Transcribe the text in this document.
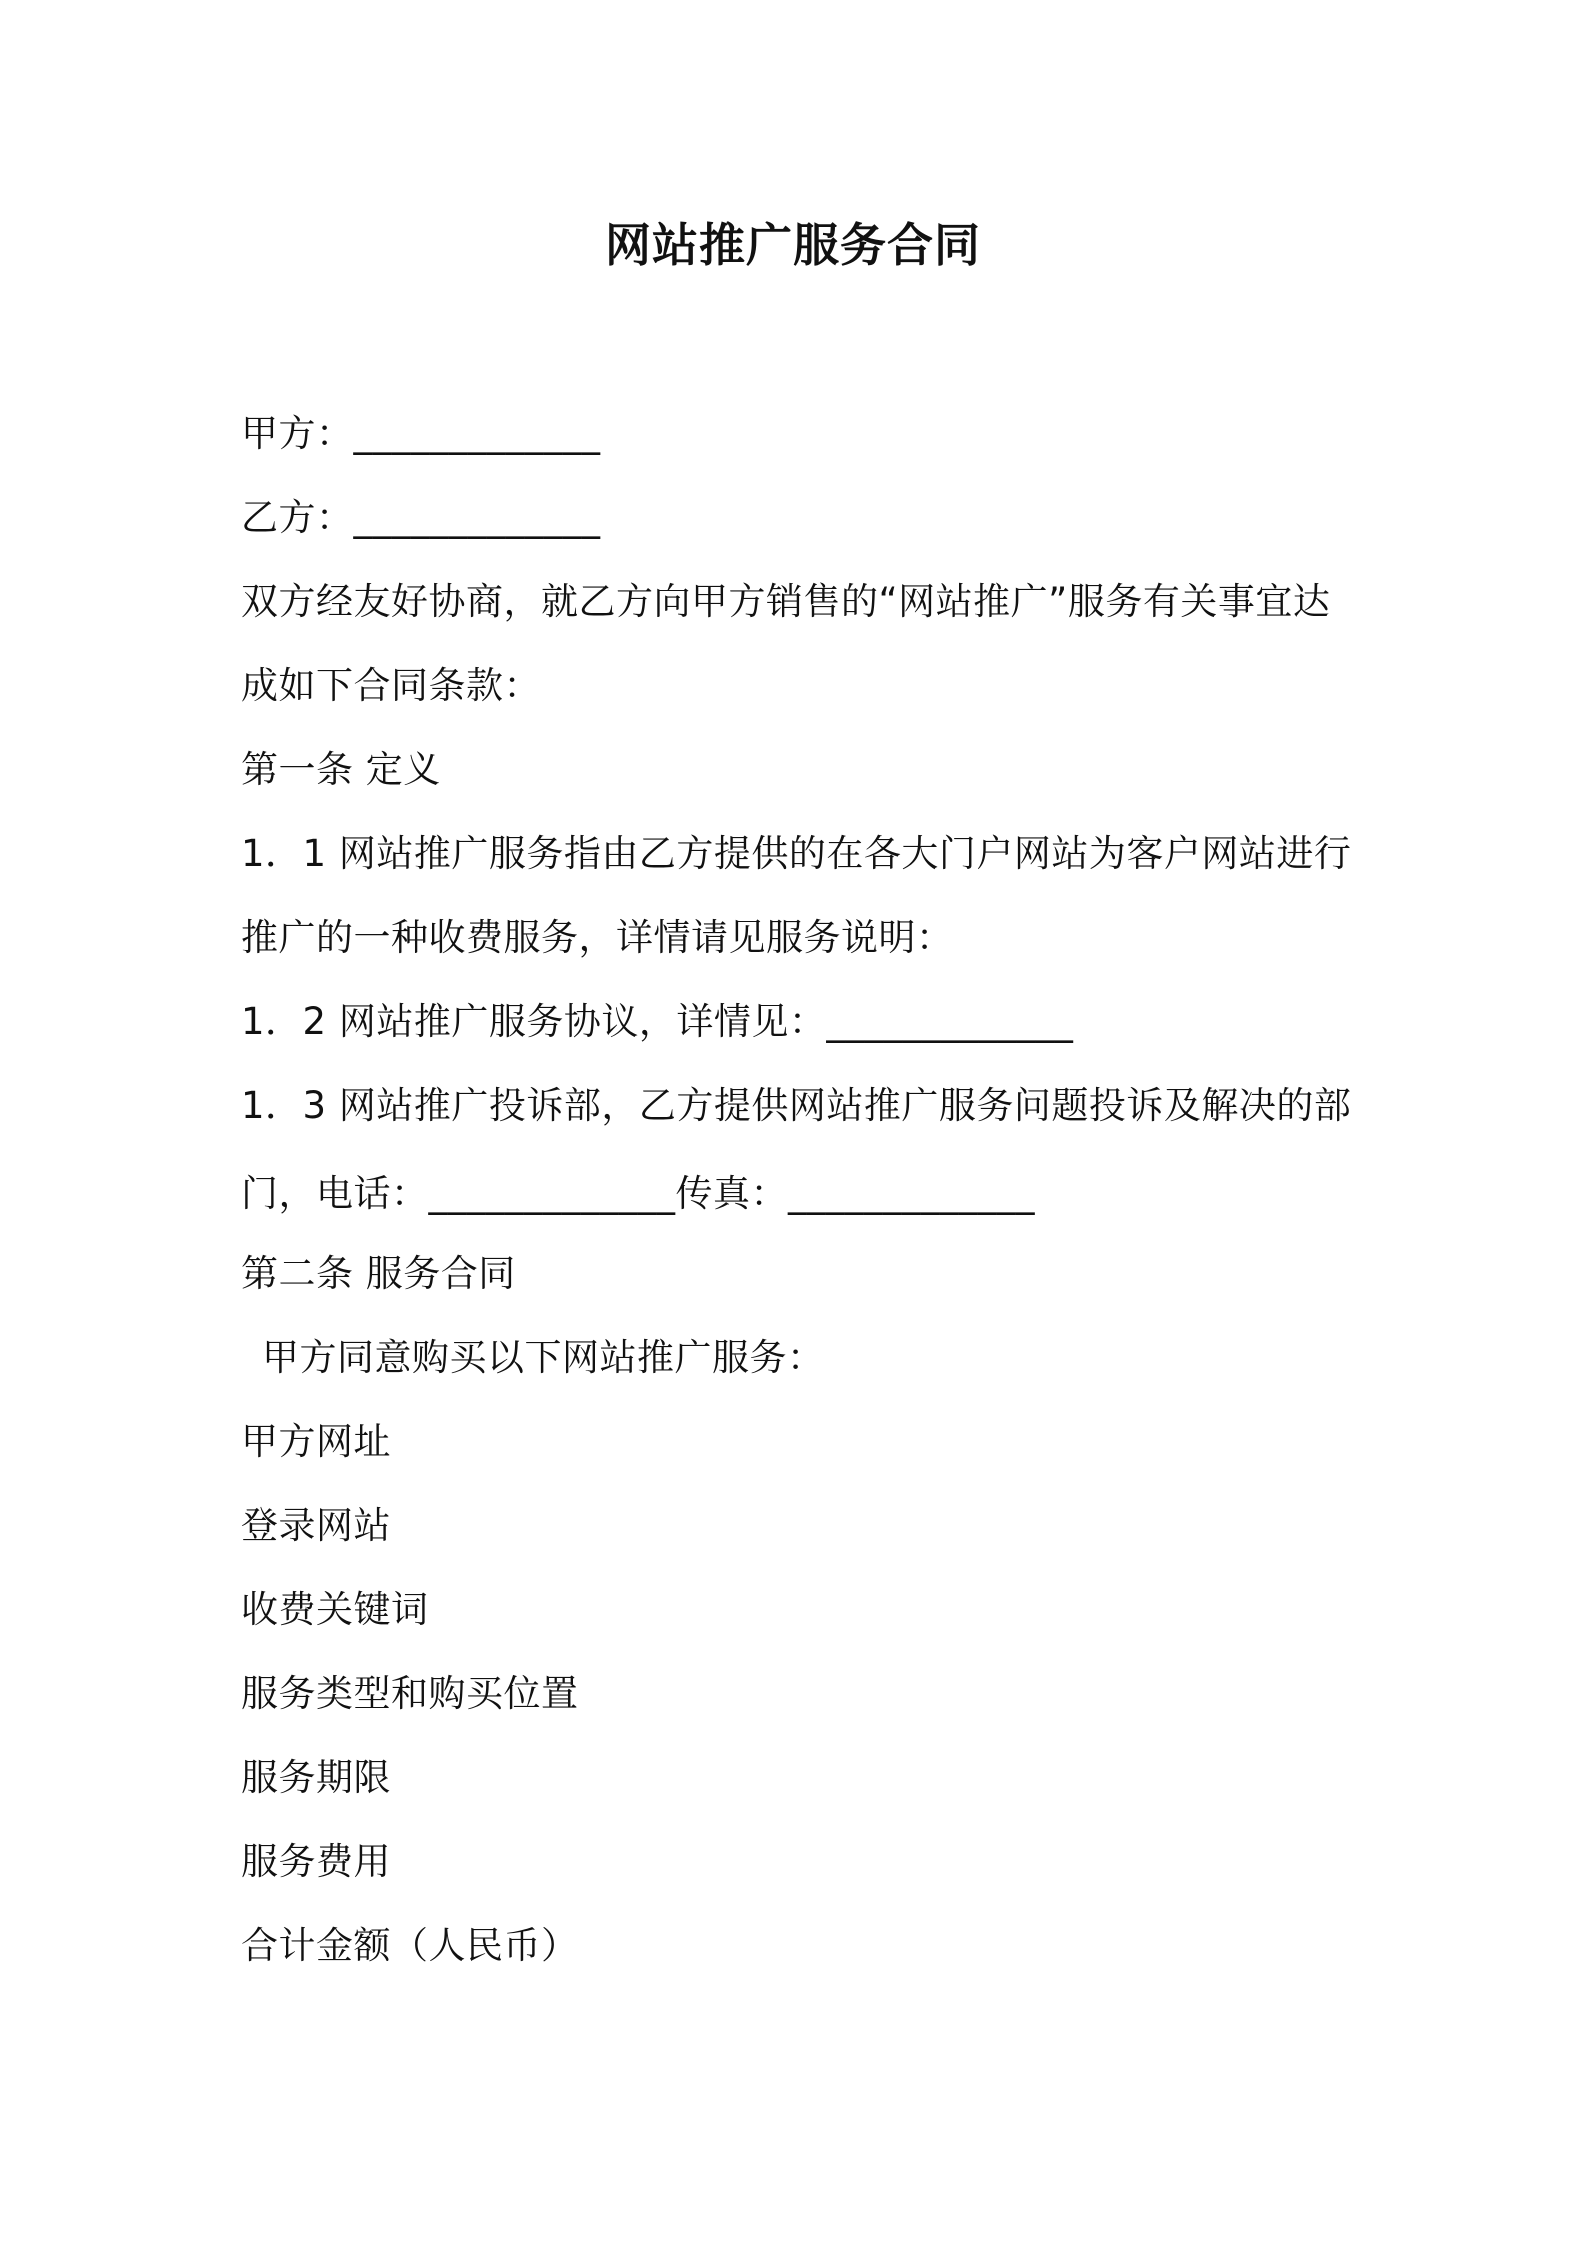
网站推广服务合同
甲方：_____________
乙方：_____________
双方经友好协商，就乙方向甲方销售的“网站推广”服务有关事宜达
成如下合同条款：
第一条 定义
1．1 网站推广服务指由乙方提供的在各大门户网站为客户网站进行
推广的一种收费服务，详情请见服务说明：
1．2 网站推广服务协议，详情见：_____________
1．3 网站推广投诉部，乙方提供网站推广服务问题投诉及解决的部
门，电话：_____________传真：_____________
第二条 服务合同
甲方同意购买以下网站推广服务：
甲方网址
登录网站
收费关键词
服务类型和购买位置
服务期限
服务费用
合计金额（人民币）
